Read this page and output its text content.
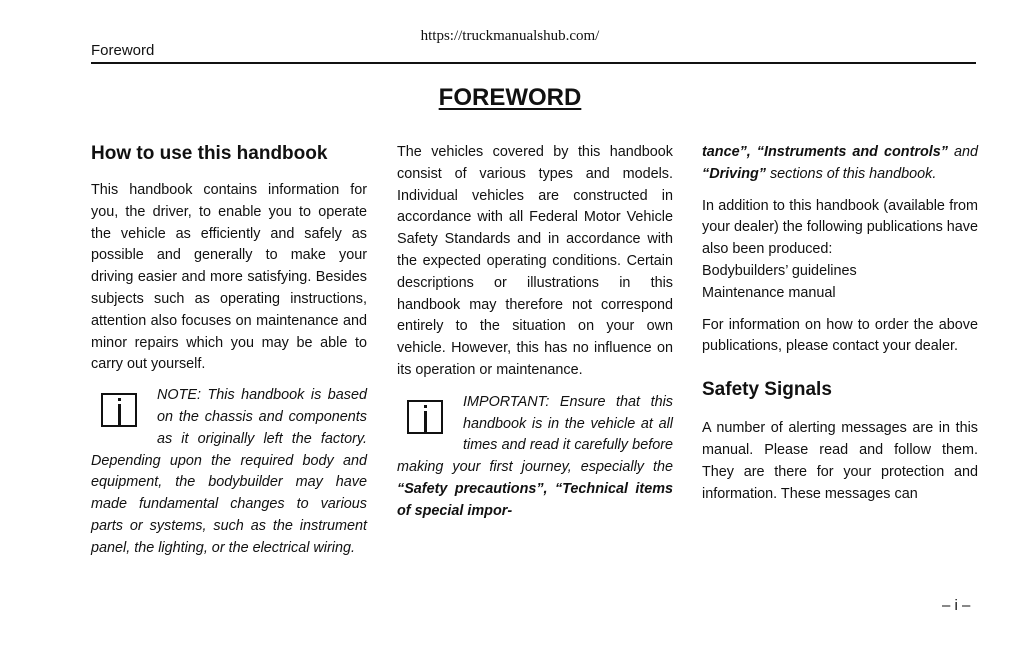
https://truckmanualshub.com/
Foreword
FOREWORD
How to use this handbook

This handbook contains information for you, the driver, to enable you to operate the vehicle as efficiently and safely as possible and generally to make your driving easier and more satisfying. Besides subjects such as operating instructions, attention also focuses on maintenance and minor repairs which you may be able to carry out yourself.

NOTE: This handbook is based on the chassis and components as it originally left the factory. Depending upon the required body and equipment, the bodybuilder may have made fundamental changes to various parts or systems, such as the instrument panel, the lighting, or the electrical wiring.

The vehicles covered by this handbook consist of various types and models. Individual vehicles are constructed in accordance with all Federal Motor Vehicle Safety Standards and in accordance with the expected operating conditions. Certain descriptions or illustrations in this handbook may therefore not correspond entirely to the situation on your own vehicle. However, this has no influence on its operation or maintenance.

IMPORTANT: Ensure that this handbook is in the vehicle at all times and read it carefully before making your first journey, especially the “Safety precautions”, “Technical items of special impor-

tance”, “Instruments and controls” and “Driving” sections of this handbook.

In addition to this handbook (available from your dealer) the following publications have also been produced:

Bodybuilders’ guidelines

Maintenance manual

For information on how to order the above publications, please contact your dealer.

Safety Signals

A number of alerting messages are in this manual. Please read and follow them. They are there for your protection and information. These messages can

– i –
